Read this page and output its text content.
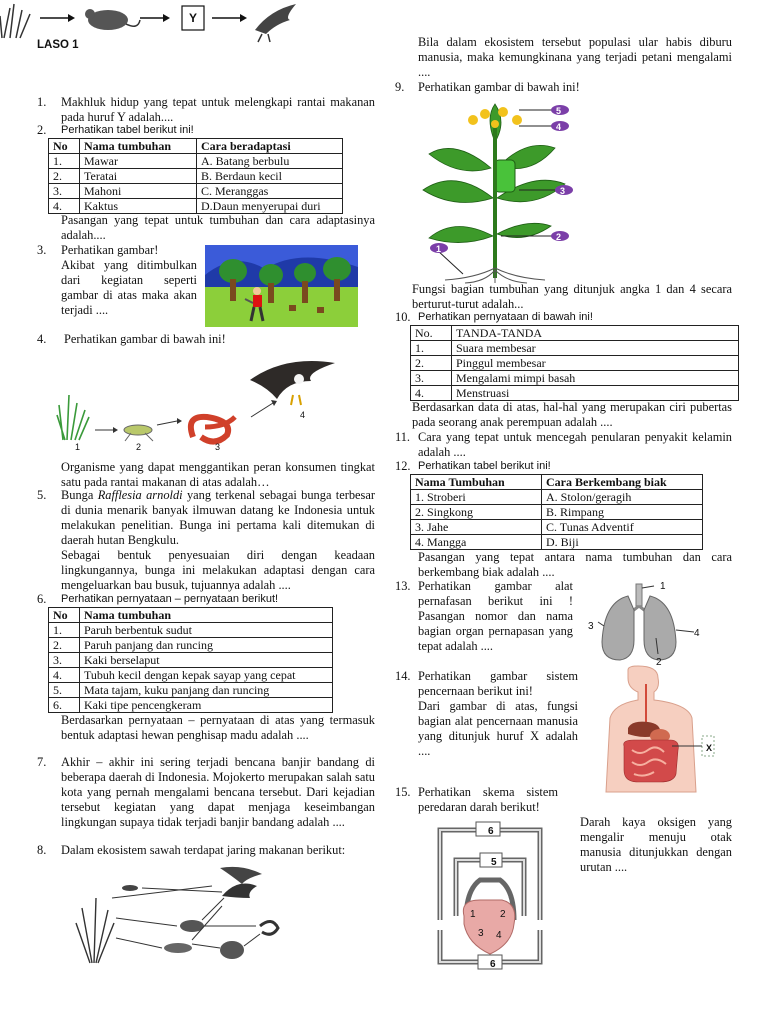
Y
LASO 1
1. Makhluk hidup yang tepat untuk melengkapi rantai makanan pada huruf Y adalah....
2. Perhatikan tabel berikut ini!
No	Nama tumbuhan	Cara beradaptasi
1.	Mawar	A. Batang berbulu
2.	Teratai	B. Berdaun kecil
3.	Mahoni	C. Meranggas
4.	Kaktus	D.Daun menyerupai duri
Pasangan yang tepat untuk tumbuhan dan cara adaptasinya adalah....
3. Perhatikan gambar!
Akibat yang ditimbulkan dari kegiatan seperti gambar di atas maka akan terjadi ....
4. Perhatikan gambar di bawah ini!
1	2	3
4
Organisme yang dapat menggantikan peran konsumen tingkat satu pada rantai makanan di atas adalah…
5. Bunga Rafflesia arnoldi yang terkenal sebagai bunga terbesar di dunia menarik banyak ilmuwan datang ke Indonesia untuk melakukan penelitian. Bunga ini pertama kali ditemukan di daerah hutan Bengkulu.
Sebagai bentuk penyesuaian diri dengan keadaan lingkungannya, bunga ini melakukan adaptasi dengan cara mengeluarkan bau busuk, tujuannya adalah ....
6. Perhatikan pernyataan – pernyataan berikut!
No	Nama tumbuhan
1.	Paruh berbentuk sudut
2.	Paruh panjang dan runcing
3.	Kaki berselaput
4.	Tubuh kecil dengan kepak sayap yang cepat
5.	Mata tajam, kuku panjang dan runcing
6.	Kaki tipe pencengkeram
Berdasarkan pernyataan – pernyataan di atas yang termasuk bentuk adaptasi hewan penghisap madu adalah ....
7. Akhir – akhir ini sering terjadi bencana banjir bandang di beberapa daerah di Indonesia. Mojokerto merupakan salah satu kota yang pernah mengalami bencana tersebut. Dari kejadian tersebut kegiatan yang dapat menjaga keseimbangan lingkungan supaya tidak terjadi banjir bandang adalah ....
8. Dalam ekosistem sawah terdapat jaring makanan berikut:
Bila dalam ekosistem tersebut populasi ular habis diburu manusia, maka kemungkinana yang terjadi petani mengalami ....
9. Perhatikan gambar di bawah ini!
5
4
3
2
1
Fungsi bagian tumbuhan yang ditunjuk angka 1 dan 4 secara berturut-turut adalah...
10. Perhatikan pernyataan di bawah ini!
No.	TANDA-TANDA
1.	Suara membesar
2.	Pinggul membesar
3.	Mengalami mimpi basah
4.	Menstruasi
Berdasarkan data di atas, hal-hal yang merupakan ciri pubertas pada seorang anak perempuan adalah ....
11. Cara yang tepat untuk mencegah penularan penyakit kelamin adalah ....
12. Perhatikan tabel berikut ini!
Nama Tumbuhan	Cara Berkembang biak
1. Stroberi	A. Stolon/geragih
2. Singkong	B. Rimpang
3. Jahe	C. Tunas Adventif
4. Mangga	D. Biji
Pasangan yang tepat antara nama tumbuhan dan cara berkembang biak adalah ....
13. Perhatikan gambar alat pernafasan berikut ini ! Pasangan nomor dan nama bagian organ pernapasan yang tepat adalah ....
1
2
3
4
14. Perhatikan gambar sistem pencernaan berikut ini!
Dari gambar di atas, fungsi bagian alat pencernaan manusia yang ditunjuk huruf X adalah ....	X
15. Perhatikan skema sistem peredaran darah berikut!
Darah kaya oksigen yang mengalir menuju otak manusia ditunjukkan dengan urutan ....
6
5
1 2
3 4
6
